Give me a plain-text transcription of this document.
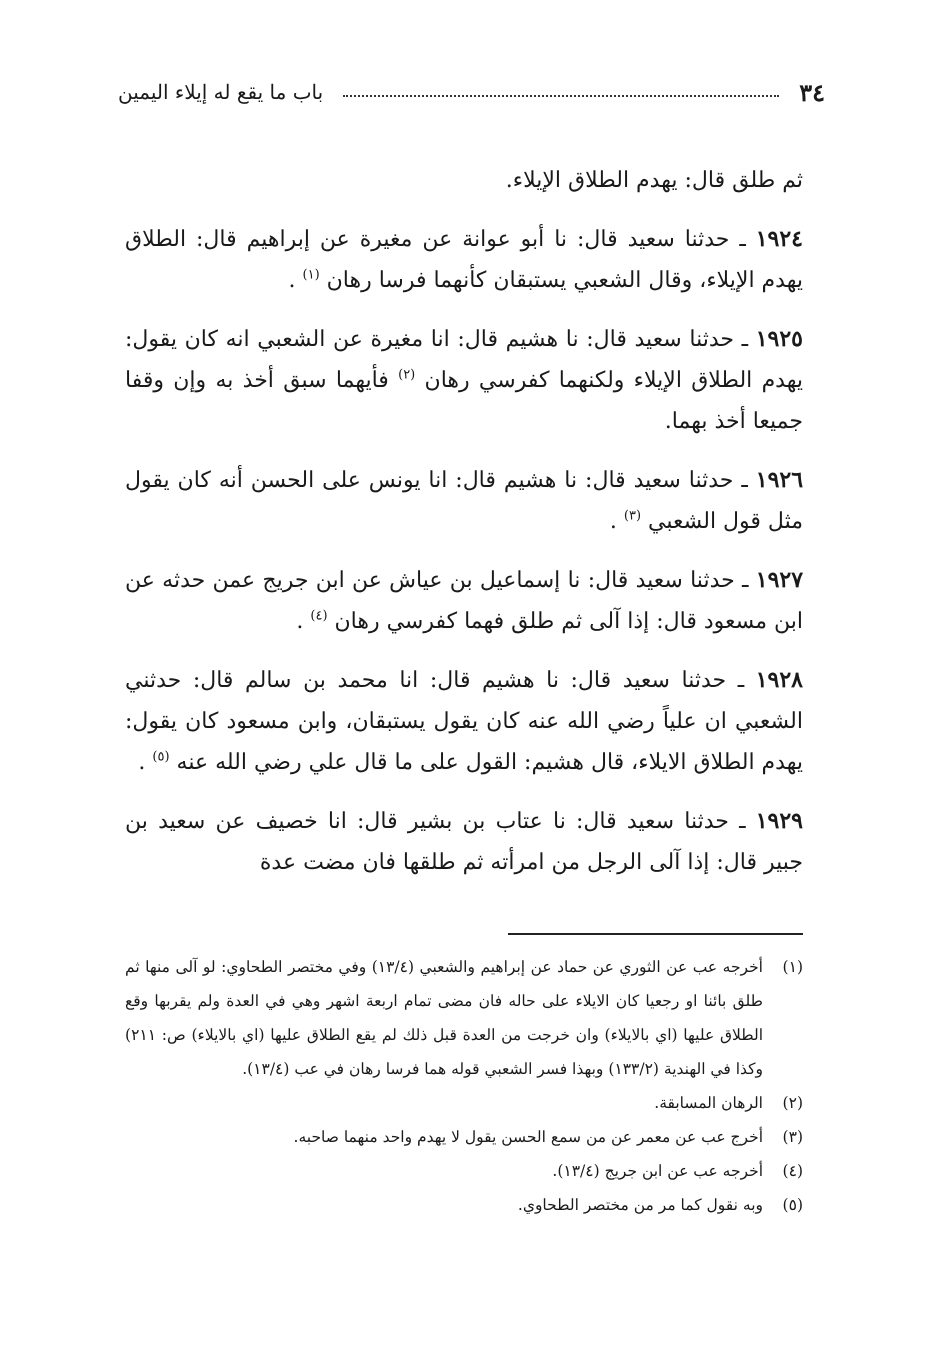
٣٤
باب ما يقع له إيلاء اليمين

ثم طلق قال: يهدم الطلاق الإيلاء.

١٩٢٤ ـ حدثنا سعيد قال: نا أبو عوانة عن مغيرة عن إبراهيم قال: الطلاق يهدم الإيلاء، وقال الشعبي يستبقان كأنهما فرسا رهان $^{(١)}$ .

١٩٢٥ ـ حدثنا سعيد قال: نا هشيم قال: انا مغيرة عن الشعبي انه كان يقول: يهدم الطلاق الإيلاء ولكنهما كفرسي رهان $^{(٢)}$ فأيهما سبق أخذ به وإن وقفا جميعا أخذ بهما.

١٩٢٦ ـ حدثنا سعيد قال: نا هشيم قال: انا يونس على الحسن أنه كان يقول مثل قول الشعبي $^{(٣)}$ .

١٩٢٧ ـ حدثنا سعيد قال: نا إسماعيل بن عياش عن ابن جريج عمن حدثه عن ابن مسعود قال: إذا آلى ثم طلق فهما كفرسي رهان $^{(٤)}$ .

١٩٢٨ ـ حدثنا سعيد قال: نا هشيم قال: انا محمد بن سالم قال: حدثني الشعبي ان علياً رضي الله عنه كان يقول يستبقان، وابن مسعود كان يقول: يهدم الطلاق الايلاء، قال هشيم: القول على ما قال علي رضي الله عنه $^{(٥)}$ .

١٩٢٩ ـ حدثنا سعيد قال: نا عتاب بن بشير قال: انا خصيف عن سعيد بن جبير قال: إذا آلى الرجل من امرأته ثم طلقها فان مضت عدة

(١)
أخرجه عب عن الثوري عن حماد عن إبراهيم والشعبي (١٣/٤) وفي مختصر الطحاوي: لو آلى منها ثم طلق بائنا او رجعيا كان الايلاء على حاله فان مضى تمام اربعة اشهر وهي في العدة ولم يقربها وقع الطلاق عليها (اي بالايلاء) وان خرجت من العدة قبل ذلك لم يقع الطلاق عليها (اي بالايلاء) ص: ٢١١) وكذا في الهندية (١٣٣/٢) وبهذا فسر الشعبي قوله هما فرسا رهان في عب (١٣/٤).
(٢)
الرهان المسابقة.
(٣)
أخرج عب عن معمر عن من سمع الحسن يقول لا يهدم واحد منهما صاحبه.
(٤)
أخرجه عب عن ابن جريج (١٣/٤).
(٥)
وبه نقول كما مر من مختصر الطحاوي.
